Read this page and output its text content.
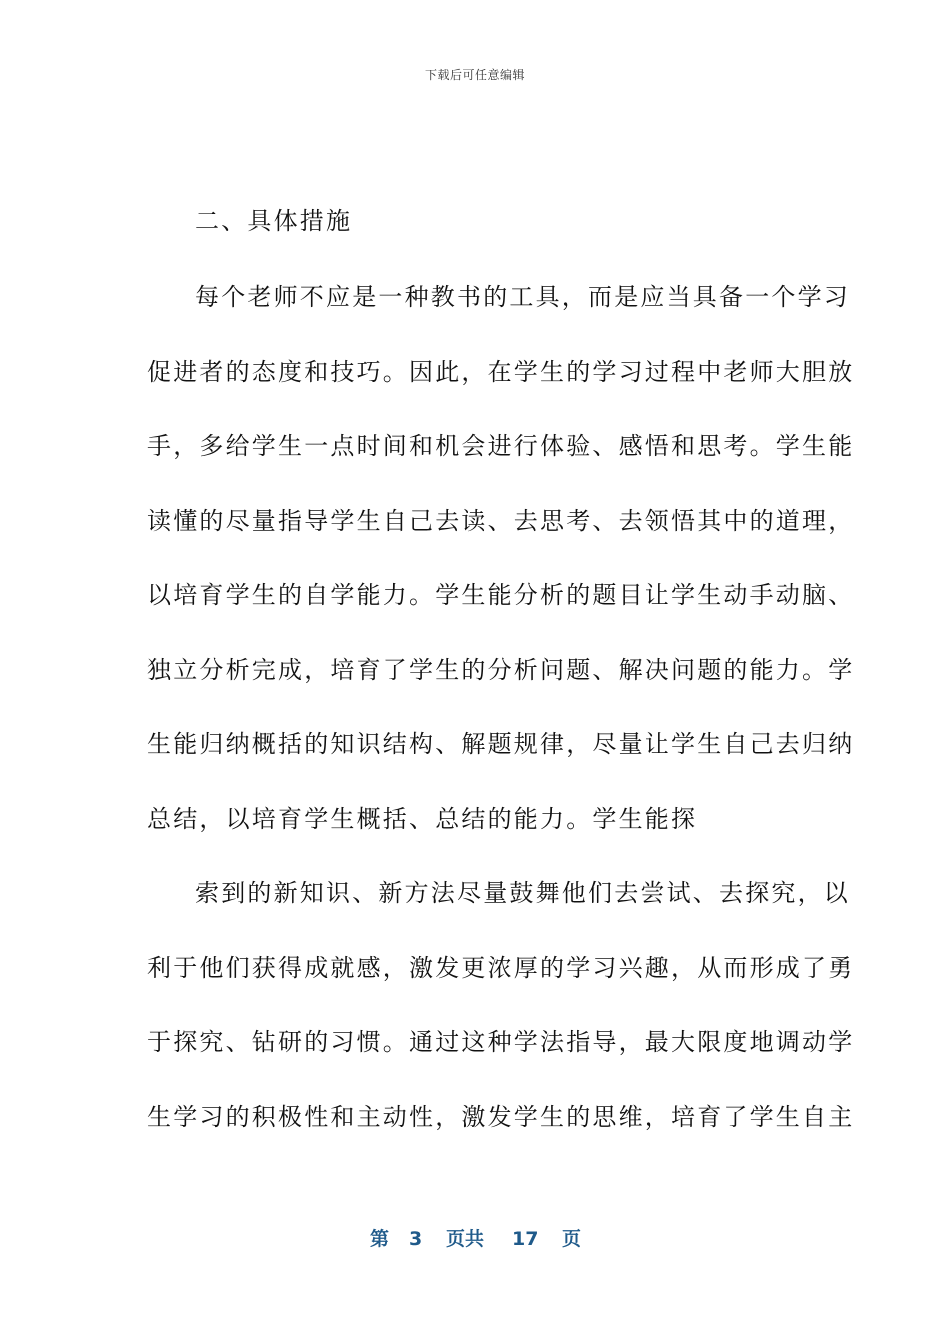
下载后可任意编辑
二、具体措施
每个老师不应是一种教书的工具，而是应当具备一个学习
促进者的态度和技巧。因此，在学生的学习过程中老师大胆放
手，多给学生一点时间和机会进行体验、感悟和思考。学生能
读懂的尽量指导学生自己去读、去思考、去领悟其中的道理，
以培育学生的自学能力。学生能分析的题目让学生动手动脑、
独立分析完成，培育了学生的分析问题、解决问题的能力。学
生能归纳概括的知识结构、解题规律，尽量让学生自己去归纳
总结，以培育学生概括、总结的能力。学生能探
索到的新知识、新方法尽量鼓舞他们去尝试、去探究，以
利于他们获得成就感，激发更浓厚的学习兴趣，从而形成了勇
于探究、钻研的习惯。通过这种学法指导，最大限度地调动学
生学习的积极性和主动性，激发学生的思维，培育了学生自主
第 3 页共 17 页
